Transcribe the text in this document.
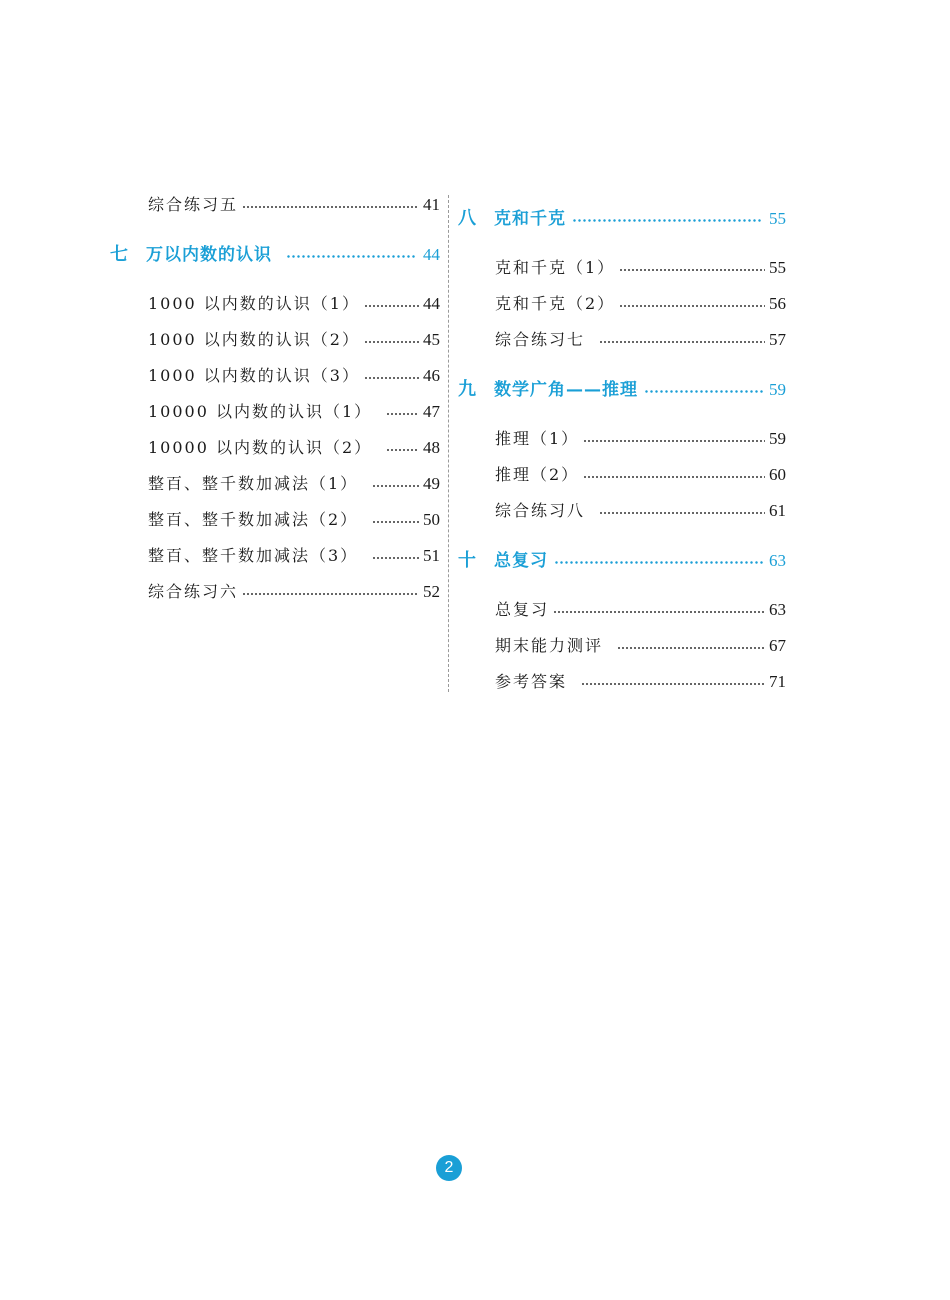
综合练习五	41
七	万以内数的认识	44
1000 以内数的认识（1）	44
1000 以内数的认识（2）	45
1000 以内数的认识（3）	46
10000 以内数的认识（1）	47
10000 以内数的认识（2）	48
整百、整千数加减法（1）	49
整百、整千数加减法（2）	50
整百、整千数加减法（3）	51
综合练习六	52
八	克和千克	55
克和千克（1）	55
克和千克（2）	56
综合练习七	57
九	数学广角——推理	59
推理（1）	59
推理（2）	60
综合练习八	61
十	总复习	63
总复习	63
期末能力测评	67
参考答案	71
2
